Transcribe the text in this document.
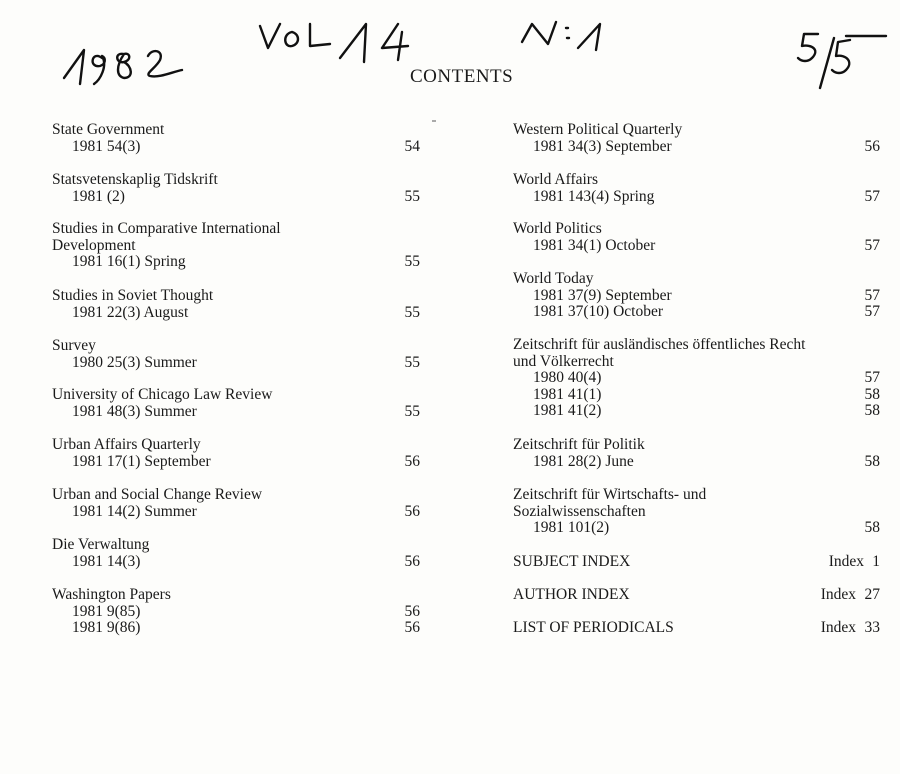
CONTENTS
State Government
1981 54(3)	54
Statsvetenskaplig Tidskrift
1981 (2)	55
Studies in Comparative International
Development
1981 16(1) Spring	55
Studies in Soviet Thought
1981 22(3) August	55
Survey
1980 25(3) Summer	55
University of Chicago Law Review
1981 48(3) Summer	55
Urban Affairs Quarterly
1981 17(1) September	56
Urban and Social Change Review
1981 14(2) Summer	56
Die Verwaltung
1981 14(3)	56
Washington Papers
1981 9(85)	56
1981 9(86)	56
Western Political Quarterly
1981 34(3) September	56
World Affairs
1981 143(4) Spring	57
World Politics
1981 34(1) October	57
World Today
1981 37(9) September	57
1981 37(10) October	57
Zeitschrift für ausländisches öffentliches Recht
und Völkerrecht
1980 40(4)	57
1981 41(1)	58
1981 41(2)	58
Zeitschrift für Politik
1981 28(2) June	58
Zeitschrift für Wirtschafts- und
Sozialwissenschaften
1981 101(2)	58
SUBJECT INDEX	Index 1
AUTHOR INDEX	Index 27
LIST OF PERIODICALS	Index 33
